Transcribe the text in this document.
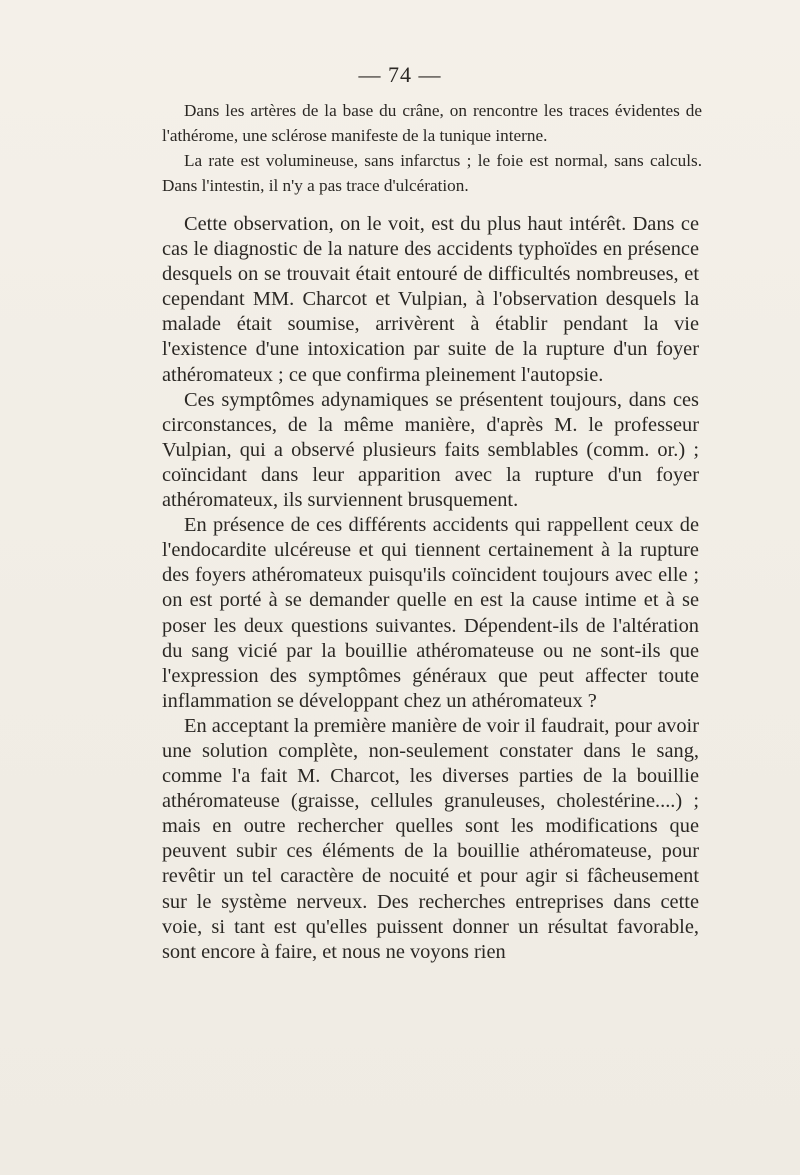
— 74 —

Dans les artères de la base du crâne, on rencontre les traces évidentes de l'athérome, une sclérose manifeste de la tunique interne.

La rate est volumineuse, sans infarctus ; le foie est normal, sans calculs. Dans l'intestin, il n'y a pas trace d'ulcération.

Cette observation, on le voit, est du plus haut intérêt. Dans ce cas le diagnostic de la nature des accidents typhoïdes en présence desquels on se trouvait était entouré de difficultés nombreuses, et cependant MM. Charcot et Vulpian, à l'observation desquels la malade était soumise, arrivèrent à établir pendant la vie l'existence d'une intoxication par suite de la rupture d'un foyer athéromateux ; ce que confirma pleinement l'autopsie.

Ces symptômes adynamiques se présentent toujours, dans ces circonstances, de la même manière, d'après M. le professeur Vulpian, qui a observé plusieurs faits semblables (comm. or.) ; coïncidant dans leur apparition avec la rupture d'un foyer athéromateux, ils surviennent brusquement.

En présence de ces différents accidents qui rappellent ceux de l'endocardite ulcéreuse et qui tiennent certainement à la rupture des foyers athéromateux puisqu'ils coïncident toujours avec elle ; on est porté à se demander quelle en est la cause intime et à se poser les deux questions suivantes. Dépendent-ils de l'altération du sang vicié par la bouillie athéromateuse ou ne sont-ils que l'expression des symptômes généraux que peut affecter toute inflammation se développant chez un athéromateux ?

En acceptant la première manière de voir il faudrait, pour avoir une solution complète, non-seulement constater dans le sang, comme l'a fait M. Charcot, les diverses parties de la bouillie athéromateuse (graisse, cellules granuleuses, cholestérine....) ; mais en outre rechercher quelles sont les modifications que peuvent subir ces éléments de la bouillie athéromateuse, pour revêtir un tel caractère de nocuité et pour agir si fâcheusement sur le système nerveux. Des recherches entreprises dans cette voie, si tant est qu'elles puissent donner un résultat favorable, sont encore à faire, et nous ne voyons rien
